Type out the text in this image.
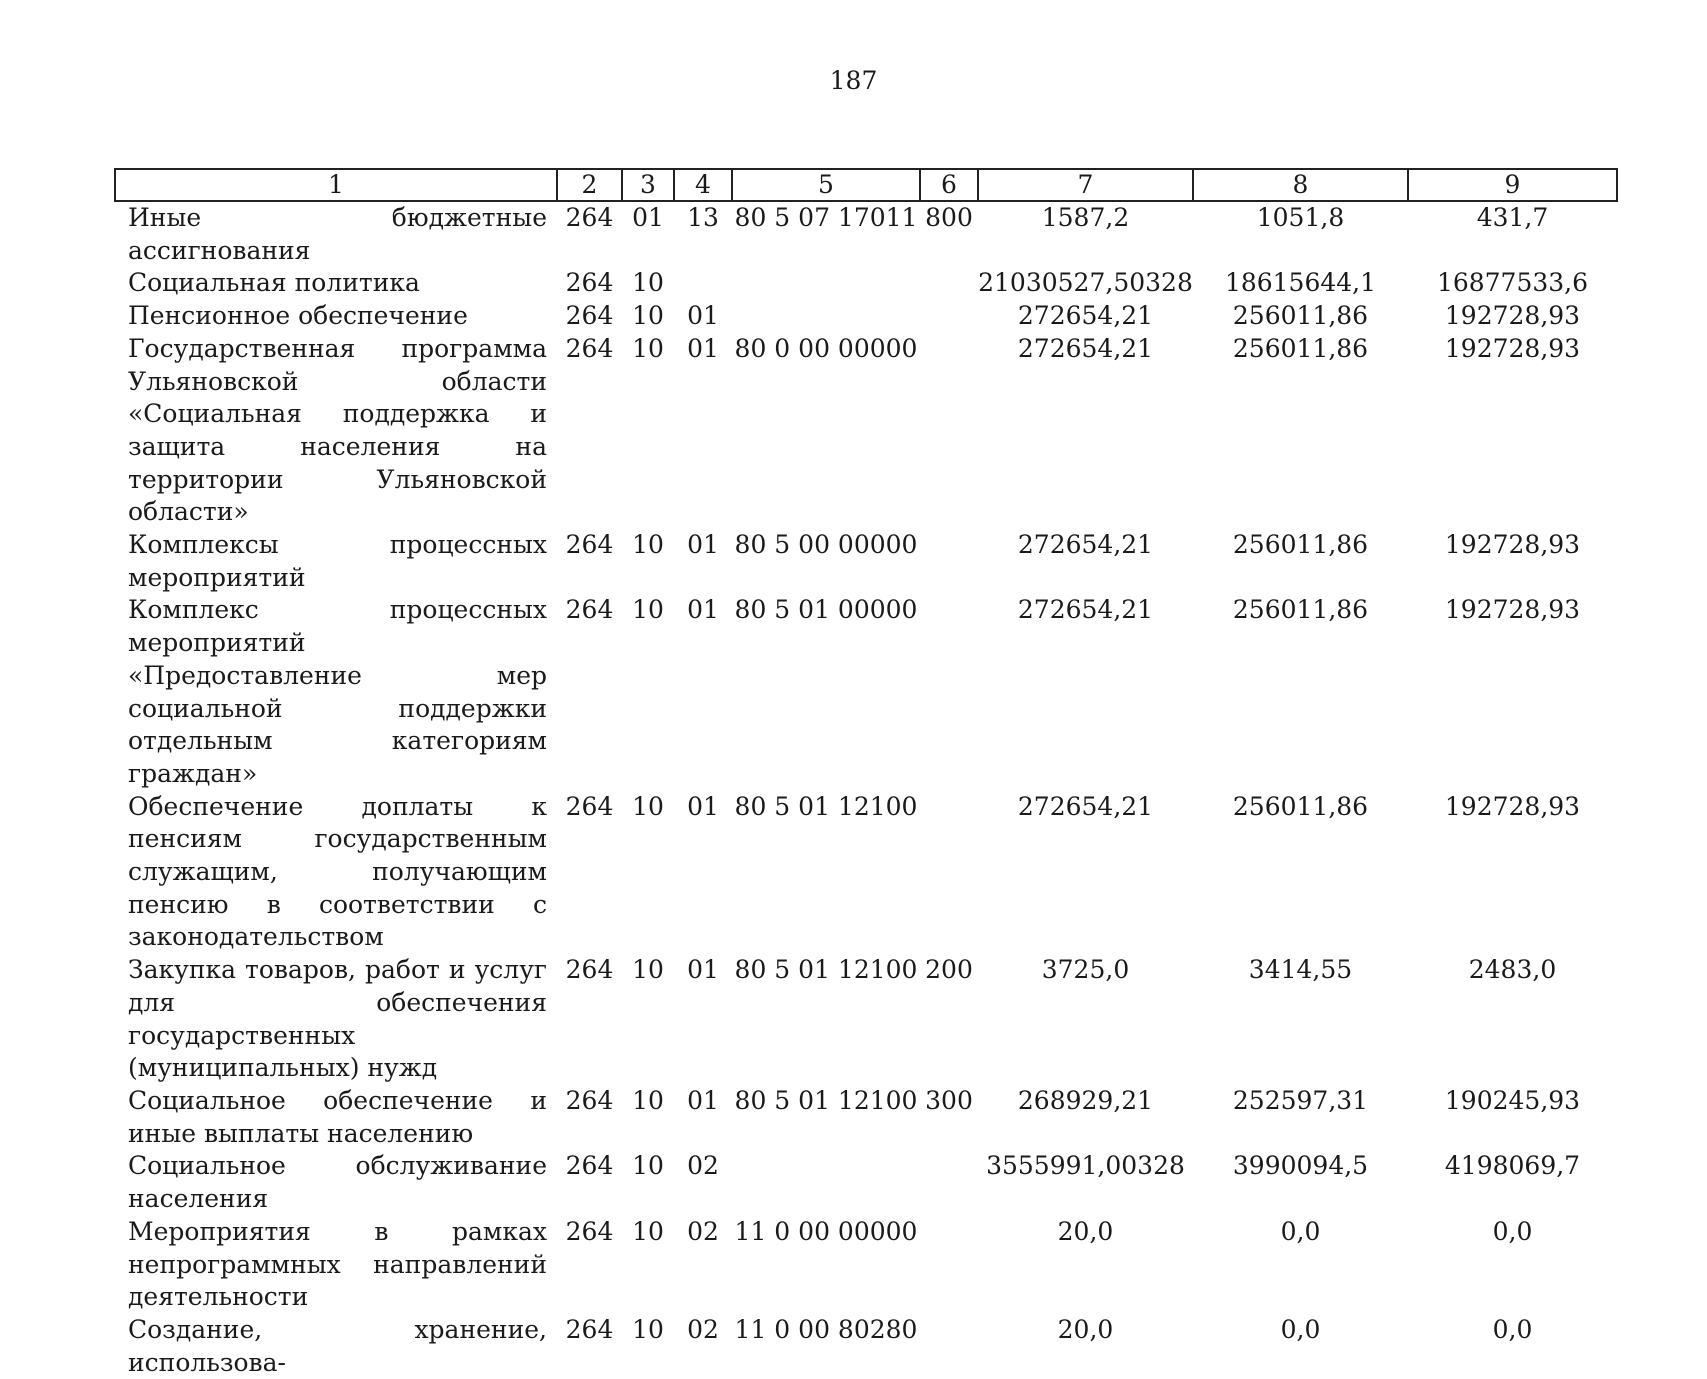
187
1	2	3	4	5	6	7	8	9
Иные бюджетные ассигнования	264	01	13	80 5 07 17011	800	1587,2	1051,8	431,7
Социальная политика	264	10				21030527,50328	18615644,1	16877533,6
Пенсионное обеспечение	264	10	01			272654,21	256011,86	192728,93
Государственная программа Ульяновской области «Социальная поддержка и защита населения на территории Ульяновской области»	264	10	01	80 0 00 00000		272654,21	256011,86	192728,93
Комплексы процессных мероприятий	264	10	01	80 5 00 00000		272654,21	256011,86	192728,93
Комплекс процессных мероприятий «Предоставление мер социальной поддержки отдельным категориям граждан»	264	10	01	80 5 01 00000		272654,21	256011,86	192728,93
Обеспечение доплаты к пенсиям государственным служащим, получающим пенсию в соответствии с законодательством	264	10	01	80 5 01 12100		272654,21	256011,86	192728,93
Закупка товаров, работ и услуг для обеспечения государственных (муниципальных) нужд	264	10	01	80 5 01 12100	200	3725,0	3414,55	2483,0
Социальное обеспечение и иные выплаты населению	264	10	01	80 5 01 12100	300	268929,21	252597,31	190245,93
Социальное обслуживание населения	264	10	02			3555991,00328	3990094,5	4198069,7
Мероприятия в рамках непрограммных направлений деятельности	264	10	02	11 0 00 00000		20,0	0,0	0,0
Создание, хранение, использова-	264	10	02	11 0 00 80280		20,0	0,0	0,0
